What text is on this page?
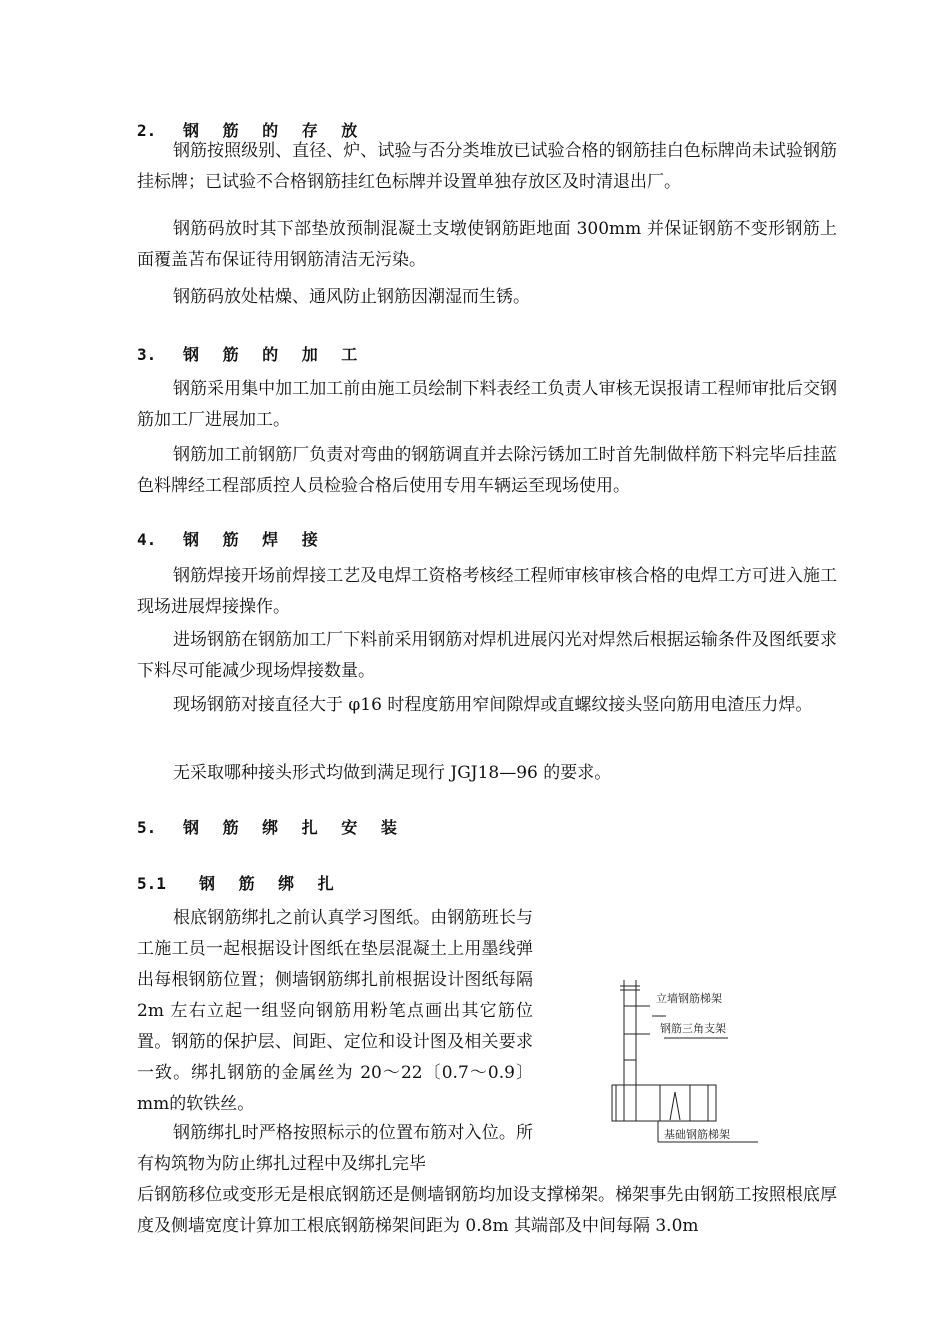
2. 钢 筋 的 存 放

钢筋按照级别、直径、炉、试验与否分类堆放已试验合格的钢筋挂白色标牌尚未试验钢筋挂标牌；已试验不合格钢筋挂红色标牌并设置单独存放区及时清退出厂。

钢筋码放时其下部垫放预制混凝土支墩使钢筋距地面 300mm 并保证钢筋不变形钢筋上面覆盖苫布保证待用钢筋清洁无污染。

钢筋码放处枯燥、通风防止钢筋因潮湿而生锈。

3. 钢 筋 的 加 工

钢筋采用集中加工加工前由施工员绘制下料表经工负责人审核无误报请工程师审批后交钢筋加工厂进展加工。

钢筋加工前钢筋厂负责对弯曲的钢筋调直并去除污锈加工时首先制做样筋下料完毕后挂蓝色料牌经工程部质控人员检验合格后使用专用车辆运至现场使用。

4. 钢 筋 焊 接

钢筋焊接开场前焊接工艺及电焊工资格考核经工程师审核审核合格的电焊工方可进入施工现场进展焊接操作。

进场钢筋在钢筋加工厂下料前采用钢筋对焊机进展闪光对焊然后根据运输条件及图纸要求下料尽可能减少现场焊接数量。

现场钢筋对接直径大于 φ16 时程度筋用窄间隙焊或直螺纹接头竖向筋用电渣压力焊。

无采取哪种接头形式均做到满足现行 JGJ18—96 的要求。

5. 钢 筋 绑 扎 安 装
5.1 钢 筋 绑 扎

根底钢筋绑扎之前认真学习图纸。由钢筋班长与工施工员一起根据设计图纸在垫层混凝土上用墨线弹出每根钢筋位置；侧墙钢筋绑扎前根据设计图纸每隔 2m 左右立起一组竖向钢筋用粉笔点画出其它筋位置。钢筋的保护层、间距、定位和设计图及相关要求一致。绑扎钢筋的金属丝为 20～22〔0.7～0.9〕mm的软铁丝。

钢筋绑扎时严格按照标示的位置布筋对入位。所有构筑物为防止绑扎过程中及绑扎完毕

后钢筋移位或变形无是根底钢筋还是侧墙钢筋均加设支撑梯架。梯架事先由钢筋工按照根底厚度及侧墙宽度计算加工根底钢筋梯架间距为 0.8m 其端部及中间每隔 3.0m

立墙钢筋梯架
钢筋三角支架
基础钢筋梯架
